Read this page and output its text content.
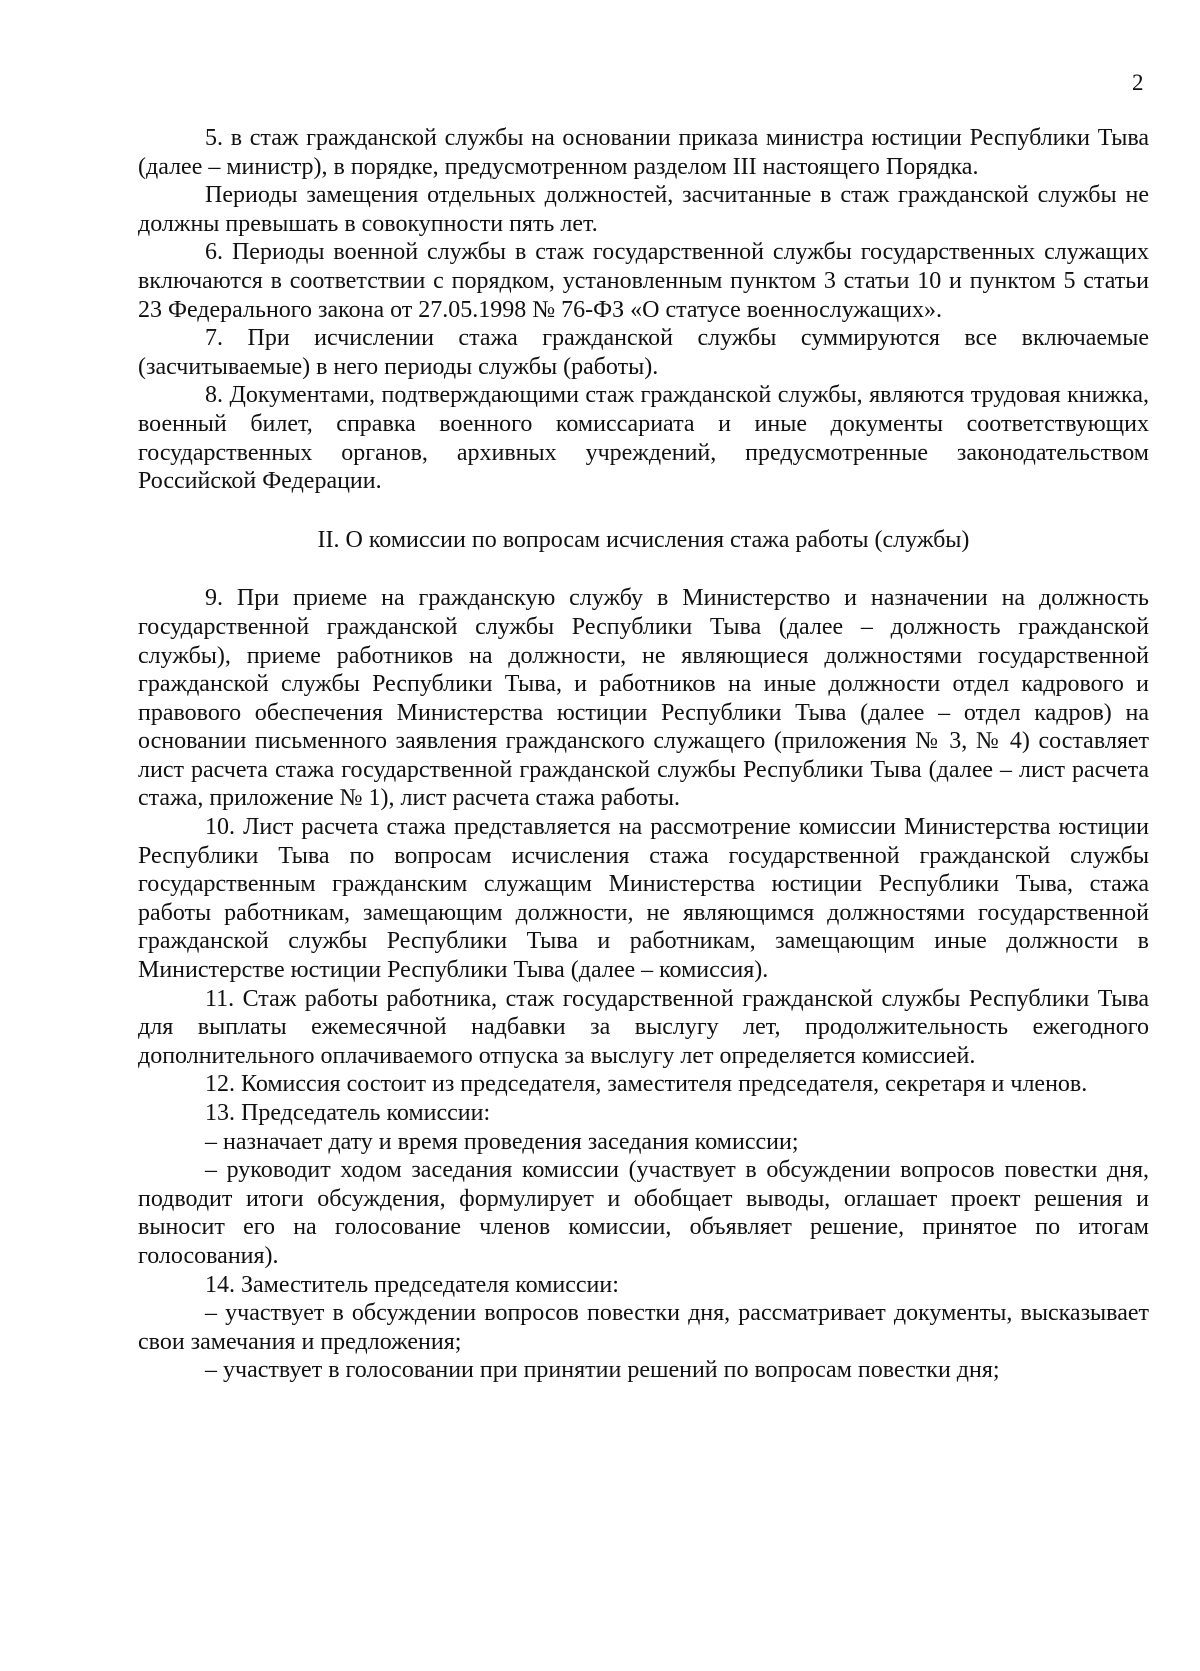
2

5. в стаж гражданской службы на основании приказа министра юстиции Республики Тыва (далее – министр), в порядке, предусмотренном разделом III настоящего Порядка.

Периоды замещения отдельных должностей, засчитанные в стаж гражданской службы не должны превышать в совокупности пять лет.

6. Периоды военной службы в стаж государственной службы государственных служащих включаются в соответствии с порядком, установленным пунктом 3 статьи 10 и пунктом 5 статьи 23 Федерального закона от 27.05.1998 № 76-ФЗ «О статусе военнослужащих».

7. При исчислении стажа гражданской службы суммируются все включаемые (засчитываемые) в него периоды службы (работы).

8. Документами, подтверждающими стаж гражданской службы, являются трудовая книжка, военный билет, справка военного комиссариата и иные документы соответствующих государственных органов, архивных учреждений, предусмотренные законодательством Российской Федерации.

II. О комиссии по вопросам исчисления стажа работы (службы)

9. При приеме на гражданскую службу в Министерство и назначении на должность государственной гражданской службы Республики Тыва (далее – должность гражданской службы), приеме работников на должности, не являющиеся должностями государственной гражданской службы Республики Тыва, и работников на иные должности отдел кадрового и правового обеспечения Министерства юстиции Республики Тыва (далее – отдел кадров) на основании письменного заявления гражданского служащего (приложения № 3, № 4) составляет лист расчета стажа государственной гражданской службы Республики Тыва (далее – лист расчета стажа, приложение № 1), лист расчета стажа работы.

10. Лист расчета стажа представляется на рассмотрение комиссии Министерства юстиции Республики Тыва по вопросам исчисления стажа государственной гражданской службы государственным гражданским служащим Министерства юстиции Республики Тыва, стажа работы работникам, замещающим должности, не являющимся должностями государственной гражданской службы Республики Тыва и работникам, замещающим иные должности в Министерстве юстиции Республики Тыва (далее – комиссия).

11. Стаж работы работника, стаж государственной гражданской службы Республики Тыва для выплаты ежемесячной надбавки за выслугу лет, продолжительность ежегодного дополнительного оплачиваемого отпуска за выслугу лет определяется комиссией.

12. Комиссия состоит из председателя, заместителя председателя, секретаря и членов.

13. Председатель комиссии:

– назначает дату и время проведения заседания комиссии;

– руководит ходом заседания комиссии (участвует в обсуждении вопросов повестки дня, подводит итоги обсуждения, формулирует и обобщает выводы, оглашает проект решения и выносит его на голосование членов комиссии, объявляет решение, принятое по итогам голосования).

14. Заместитель председателя комиссии:

– участвует в обсуждении вопросов повестки дня, рассматривает документы, высказывает свои замечания и предложения;

– участвует в голосовании при принятии решений по вопросам повестки дня;
